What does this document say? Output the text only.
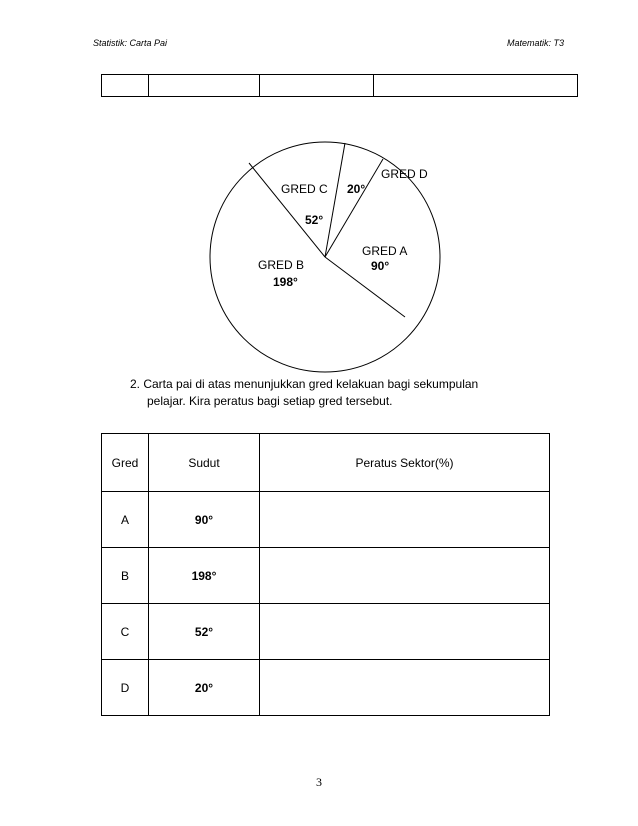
Statistik: Carta Pai	Matematik: T3

GRED A
90°
GRED B
198°
GRED C
52°
GRED D
20°
2. Carta pai di atas menunjukkan gred kelakuan bagi sekumpulan
pelajar. Kira peratus bagi setiap gred tersebut.
Gred	Sudut	Peratus Sektor(%)
A	90°	
B	198°	
C	52°	
D	20°	
3
